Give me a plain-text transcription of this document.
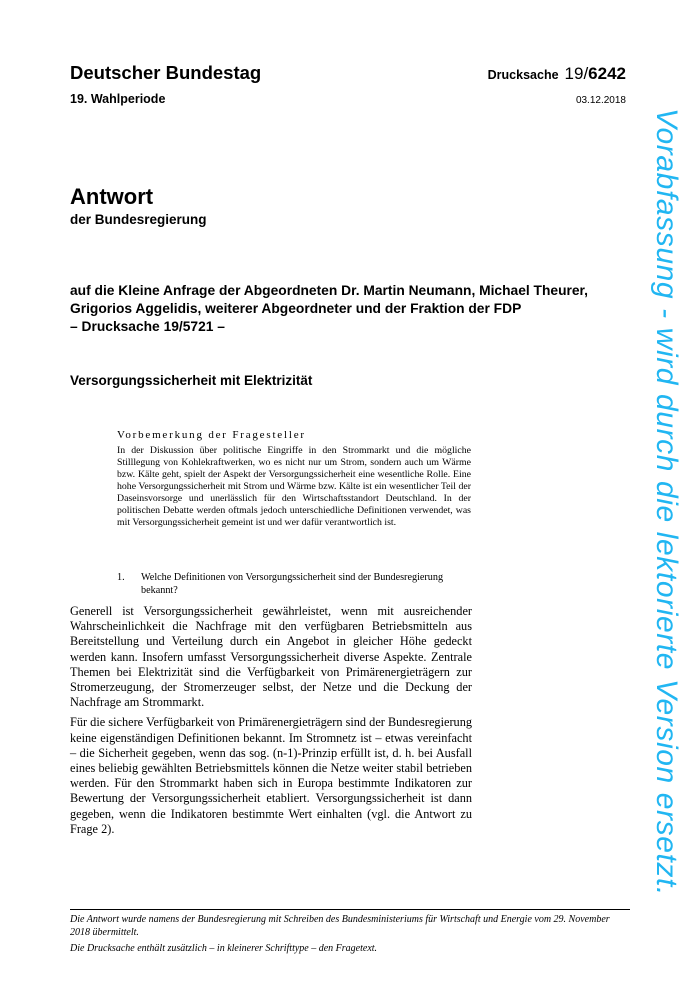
Deutscher Bundestag
19. Wahlperiode
Drucksache 19/6242
03.12.2018
Antwort
der Bundesregierung
auf die Kleine Anfrage der Abgeordneten Dr. Martin Neumann, Michael Theurer,
Grigorios Aggelidis, weiterer Abgeordneter und der Fraktion der FDP
– Drucksache 19/5721 –
Versorgungssicherheit mit Elektrizität
Vorbemerkung der Fragesteller
In der Diskussion über politische Eingriffe in den Strommarkt und die mögliche Stilllegung von Kohlekraftwerken, wo es nicht nur um Strom, sondern auch um Wärme bzw. Kälte geht, spielt der Aspekt der Versorgungssicherheit eine wesentliche Rolle. Eine hohe Versorgungssicherheit mit Strom und Wärme bzw. Kälte ist ein wesentlicher Teil der Daseinsvorsorge und unerlässlich für den Wirtschaftsstandort Deutschland. In der politischen Debatte werden oftmals jedoch unterschiedliche Definitionen verwendet, was mit Versorgungssicherheit gemeint ist und wer dafür verantwortlich ist.
1. Welche Definitionen von Versorgungssicherheit sind der Bundesregierung bekannt?

Generell ist Versorgungssicherheit gewährleistet, wenn mit ausreichender Wahrscheinlichkeit die Nachfrage mit den verfügbaren Betriebsmitteln aus Bereitstellung und Verteilung durch ein Angebot in gleicher Höhe gedeckt werden kann. Insofern umfasst Versorgungssicherheit diverse Aspekte. Zentrale Themen bei Elektrizität sind die Verfügbarkeit von Primärenergieträgern zur Stromerzeugung, der Stromerzeuger selbst, der Netze und die Deckung der Nachfrage am Strommarkt.

Für die sichere Verfügbarkeit von Primärenergieträgern sind der Bundesregierung keine eigenständigen Definitionen bekannt. Im Stromnetz ist – etwas vereinfacht – die Sicherheit gegeben, wenn das sog. (n-1)-Prinzip erfüllt ist, d. h. bei Ausfall eines beliebig gewählten Betriebsmittels können die Netze weiter stabil betrieben werden. Für den Strommarkt haben sich in Europa bestimmte Indikatoren zur Bewertung der Versorgungssicherheit etabliert. Versorgungssicherheit ist dann gegeben, wenn die Indikatoren bestimmte Wert einhalten (vgl. die Antwort zu Frage 2).

Die Antwort wurde namens der Bundesregierung mit Schreiben des Bundesministeriums für Wirtschaft und Energie vom 29. November 2018 übermittelt.

Die Drucksache enthält zusätzlich – in kleinerer Schrifttype – den Fragetext.

Vorabfassung - wird durch die lektorierte Version ersetzt.
